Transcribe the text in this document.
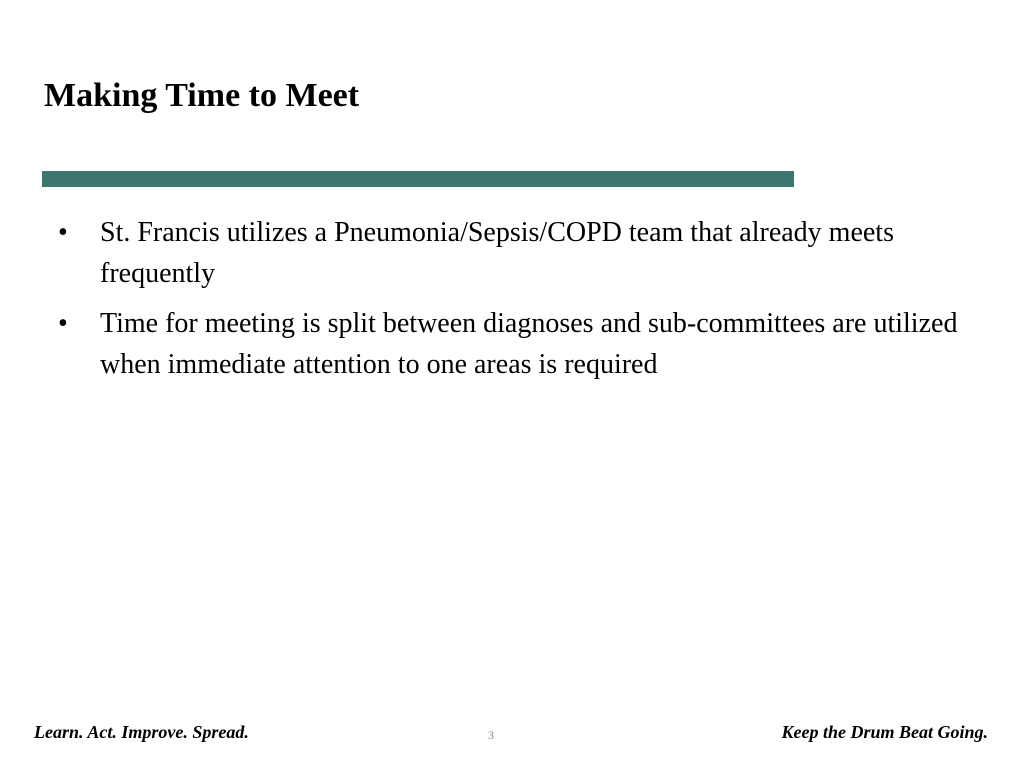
Making Time to Meet
•	St. Francis utilizes a Pneumonia/Sepsis/COPD team that already meets frequently
•	Time for meeting is split between diagnoses and sub-committees are utilized when immediate attention to one areas is required
Learn. Act. Improve. Spread.	3	Keep the Drum Beat Going.
